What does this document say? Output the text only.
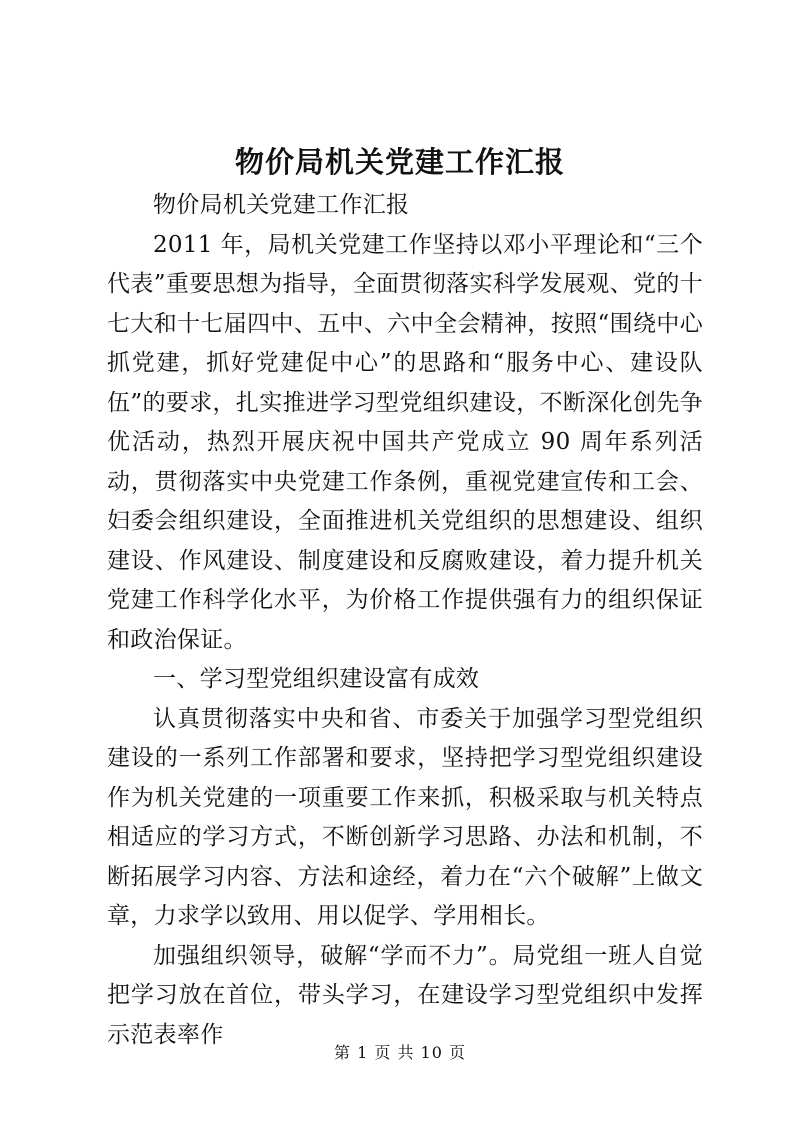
物价局机关党建工作汇报

物价局机关党建工作汇报

2011 年，局机关党建工作坚持以邓小平理论和“三个代表”重要思想为指导，全面贯彻落实科学发展观、党的十七大和十七届四中、五中、六中全会精神，按照“围绕中心抓党建，抓好党建促中心”的思路和“服务中心、建设队伍”的要求，扎实推进学习型党组织建设，不断深化创先争优活动，热烈开展庆祝中国共产党成立 90 周年系列活动，贯彻落实中央党建工作条例，重视党建宣传和工会、妇委会组织建设，全面推进机关党组织的思想建设、组织建设、作风建设、制度建设和反腐败建设，着力提升机关党建工作科学化水平，为价格工作提供强有力的组织保证和政治保证。

一、学习型党组织建设富有成效

认真贯彻落实中央和省、市委关于加强学习型党组织建设的一系列工作部署和要求，坚持把学习型党组织建设作为机关党建的一项重要工作来抓，积极采取与机关特点相适应的学习方式，不断创新学习思路、办法和机制，不断拓展学习内容、方法和途经，着力在“六个破解”上做文章，力求学以致用、用以促学、学用相长。

加强组织领导，破解“学而不力”。局党组一班人自觉把学习放在首位，带头学习，在建设学习型党组织中发挥示范表率作

第 1 页 共 10 页
